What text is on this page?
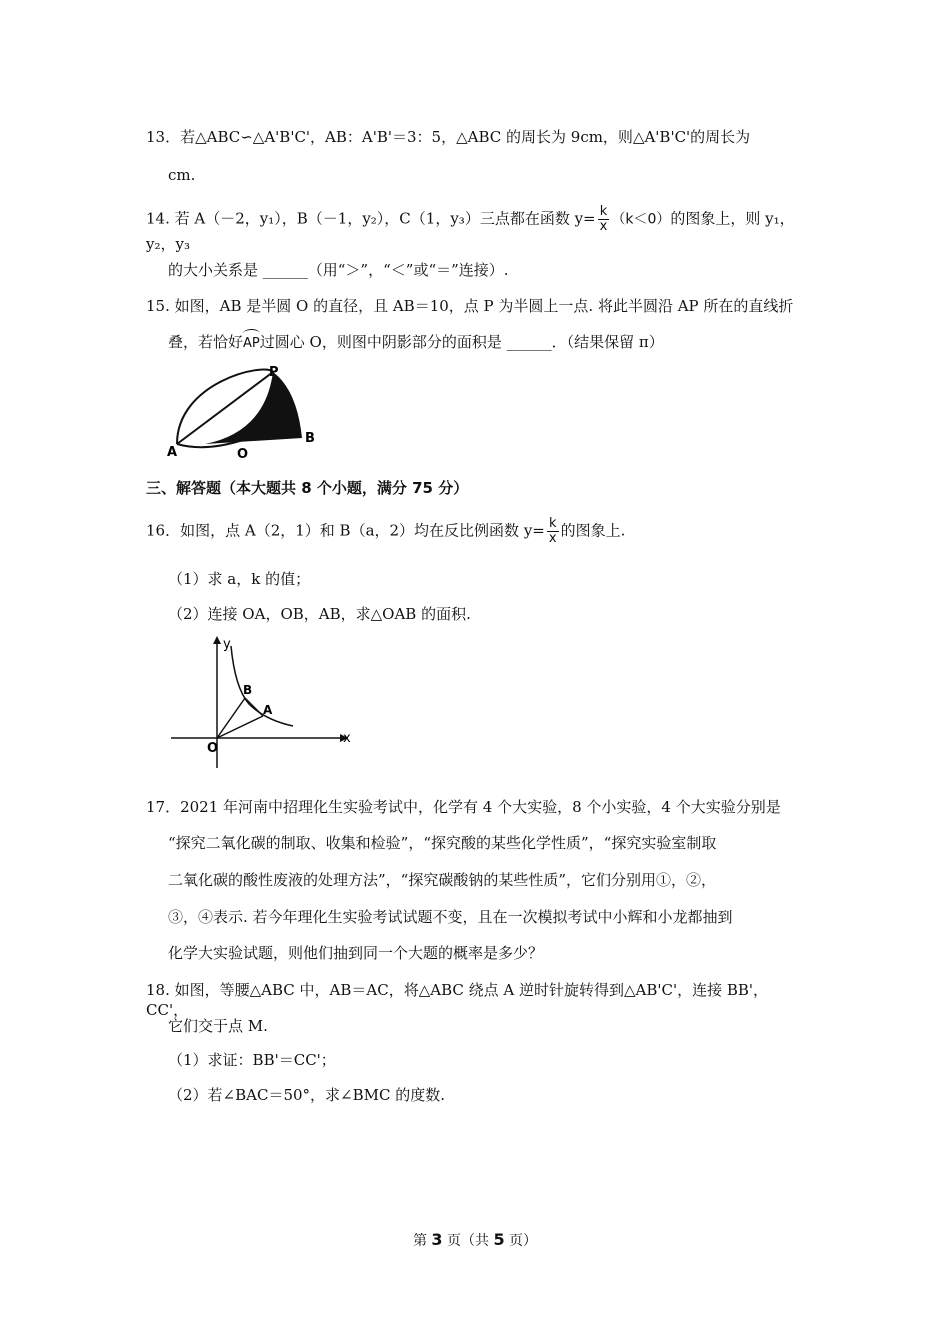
13．若△ABC∽△A'B'C'，AB：A'B'＝3：5，△ABC 的周长为 9cm，则△A'B'C'的周长为
cm.
14. 若 A（－2，y₁），B（－1，y₂），C（1，y₃）三点都在函数 $y= \frac{k}{x} (k<0)$的图象上，则 y₁，y₂，y₃
的大小关系是 ______（用“＞”，“＜”或“＝”连接）.
15. 如图，AB 是半圆 O 的直径，且 AB＝10，点 P 为半圆上一点. 将此半圆沿 AP 所在的直线折
叠，若恰好AP过圆心 O，则图中阴影部分的面积是 ______．（结果保留 π）
P
A	O
B
三、解答题（本大题共 8 个小题，满分 75 分）
16．如图，点 A（2，1）和 B（a，2）均在反比例函数 $y= \frac{k}{x}$ 的图象上.
（1）求 a，k 的值；
（2）连接 OA，OB，AB，求△OAB 的面积.
y
x
O
B
A
17．2021 年河南中招理化生实验考试中，化学有 4 个大实验，8 个小实验，4 个大实验分别是
“探究二氧化碳的制取、收集和检验”，“探究酸的某些化学性质”，“探究实验室制取
二氧化碳的酸性废液的处理方法”，“探究碳酸钠的某些性质”，它们分别用①，②，
③，④表示. 若今年理化生实验考试试题不变，且在一次模拟考试中小辉和小龙都抽到
化学大实验试题，则他们抽到同一个大题的概率是多少？
18. 如图，等腰△ABC 中，AB＝AC，将△ABC 绕点 A 逆时针旋转得到△AB'C'，连接 BB'，CC'，
它们交于点 M.
（1）求证：BB'＝CC'；
（2）若∠BAC＝50°，求∠BMC 的度数.
第 3 页（共 5 页）
